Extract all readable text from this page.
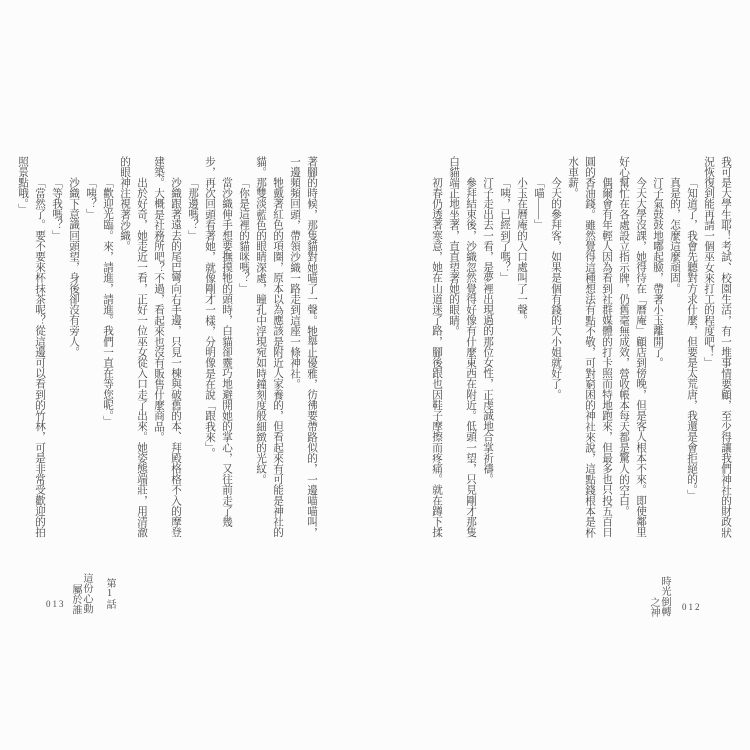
我可是大學生耶！考試、校園生活，有一堆事情要顧，至少得讓我們神社的財政狀況恢復到能再請一個巫女來打工的程度吧！」

「知道了，我會先聽對方求什麼，但要是太荒唐，我還是會拒絕的。」

真是的，怎麼這麼頑固。

汀子氣鼓鼓地嘟起臉，帶著小玉離開了。

今天大學沒課，她得待在「曆庵」顧店到傍晚，但是客人根本不來。即使鄰里好心幫忙在各處設立指示牌，仍舊毫無成效，營收帳本每天都是驚人的空白。

偶爾會有年輕人因為看到社群媒體的打卡照而特地跑來，但最多也只投五百日圓的香油錢。雖然覺得這種想法有點不敬，可對窮困的神社來說，這點錢根本是杯水車薪。

今天的參拜客，如果是個有錢的大小姐就好了。

「喵——」

小玉在曆庵的入口處叫了一聲。

「咦，已經到了嗎？」

汀子走出去一看，是夢裡出現過的那位女性，正虔誠地合掌祈禱。

參拜結束後，沙織忽然覺得好像有什麼東西在附近。低頭一望，只見剛才那隻白貓端正地坐著，直直望著她的眼睛。

初春仍透著寒意，她在山道迷了路，腳後跟也因鞋子摩擦而疼痛。就在蹲下揉

時光倒轉
之神	012

著腳的時候，那隻貓對她喵了一聲。牠舉止優雅，彷彿要帶路似的，一邊喵喵叫，一邊頻頻回頭，帶領沙織一路走到這座一條神社。

牠戴著紅色的項圈，原本以為應該是附近人家養的，但看起來有可能是神社的貓。那雙淡藍色的眼睛深處，瞳孔中浮現宛如時鐘刻度般細緻的光紋。

「你是這裡的貓咪嗎？」

當沙織伸手想要撫摸牠的頭時，白貓卻靈巧地避開她的掌心，又往前走了幾步，再次回頭看著她，就像剛才一樣，分明像是在說「跟我來」。

「那邊嗎？」

沙織跟著遠去的尾巴彎向右手邊，只見一棟與破舊的本、拜殿格格不入的摩登建築。大概是社務所吧？不過，看起來也沒有販售什麼商品。

出於好奇，她走近一看，正好一位巫女從入口走了出來。她姿態端莊，用清澈的眼神注視著沙織。

「歡迎光臨。來，請進，請進。我們一直在等您呢。」

「咦？」

沙織下意識回頭望，身後卻沒有旁人。

「等我嗎？」

「當然了。要不要來杯抹茶呢？從這邊可以看到的竹林，可是非常受歡迎的拍照景點哦。」

第1話
這份心動
屬於誰
013
